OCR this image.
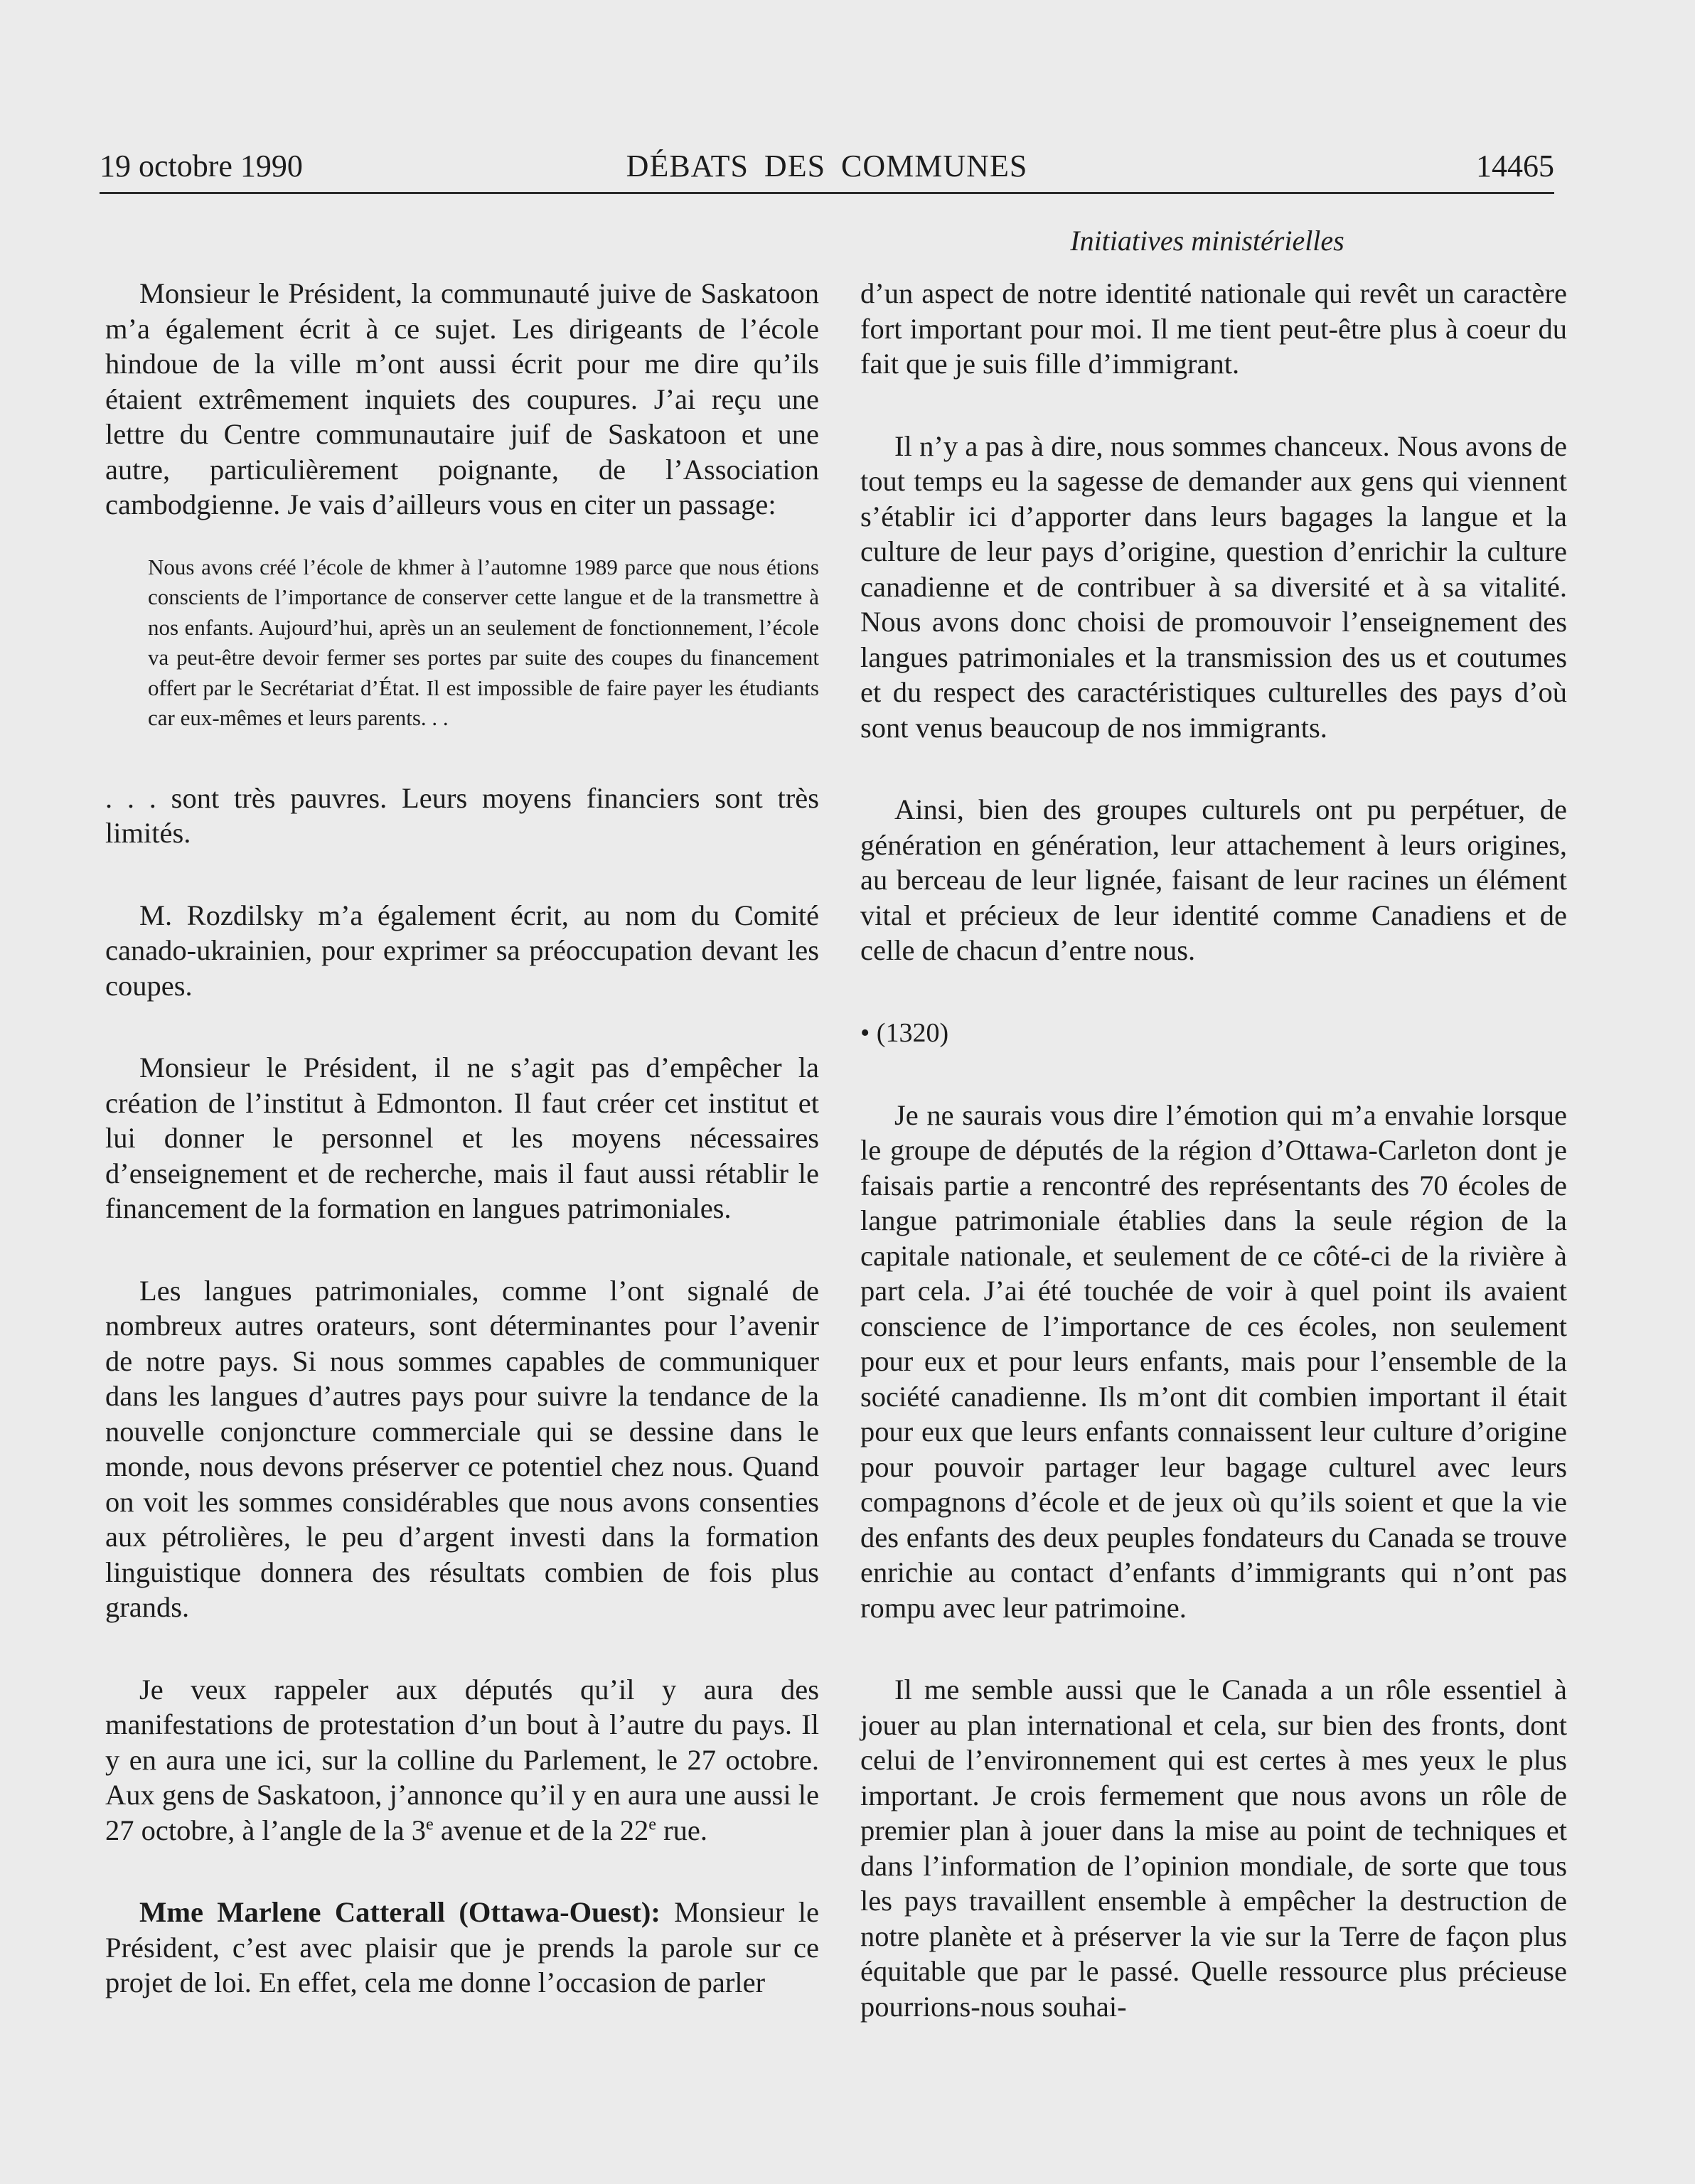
19 octobre 1990	DÉBATS DES COMMUNES	14465
Initiatives ministérielles

Monsieur le Président, la communauté juive de Saskatoon m’a également écrit à ce sujet. Les dirigeants de l’école hindoue de la ville m’ont aussi écrit pour me dire qu’ils étaient extrêmement inquiets des coupures. J’ai reçu une lettre du Centre communautaire juif de Saskatoon et une autre, particulièrement poignante, de l’Association cambodgienne. Je vais d’ailleurs vous en citer un passage:

Nous avons créé l’école de khmer à l’automne 1989 parce que nous étions conscients de l’importance de conserver cette langue et de la transmettre à nos enfants. Aujourd’hui, après un an seulement de fonctionnement, l’école va peut-être devoir fermer ses portes par suite des coupes du financement offert par le Secrétariat d’État. Il est impossible de faire payer les étudiants car eux-mêmes et leurs parents. . .

. . . sont très pauvres. Leurs moyens financiers sont très limités.

M. Rozdilsky m’a également écrit, au nom du Comité canado-ukrainien, pour exprimer sa préoccupation devant les coupes.

Monsieur le Président, il ne s’agit pas d’empêcher la création de l’institut à Edmonton. Il faut créer cet institut et lui donner le personnel et les moyens nécessaires d’enseignement et de recherche, mais il faut aussi rétablir le financement de la formation en langues patrimoniales.

Les langues patrimoniales, comme l’ont signalé de nombreux autres orateurs, sont déterminantes pour l’avenir de notre pays. Si nous sommes capables de communiquer dans les langues d’autres pays pour suivre la tendance de la nouvelle conjoncture commerciale qui se dessine dans le monde, nous devons préserver ce potentiel chez nous. Quand on voit les sommes considérables que nous avons consenties aux pétrolières, le peu d’argent investi dans la formation linguistique donnera des résultats combien de fois plus grands.

Je veux rappeler aux députés qu’il y aura des manifestations de protestation d’un bout à l’autre du pays. Il y en aura une ici, sur la colline du Parlement, le 27 octobre. Aux gens de Saskatoon, j’annonce qu’il y en aura une aussi le 27 octobre, à l’angle de la 3e avenue et de la 22e rue.

Mme Marlene Catterall (Ottawa-Ouest): Monsieur le Président, c’est avec plaisir que je prends la parole sur ce projet de loi. En effet, cela me donne l’occasion de parler

d’un aspect de notre identité nationale qui revêt un caractère fort important pour moi. Il me tient peut-être plus à coeur du fait que je suis fille d’immigrant.

Il n’y a pas à dire, nous sommes chanceux. Nous avons de tout temps eu la sagesse de demander aux gens qui viennent s’établir ici d’apporter dans leurs bagages la langue et la culture de leur pays d’origine, question d’enrichir la culture canadienne et de contribuer à sa diversité et à sa vitalité. Nous avons donc choisi de promouvoir l’enseignement des langues patrimoniales et la transmission des us et coutumes et du respect des caractéristiques culturelles des pays d’où sont venus beaucoup de nos immigrants.

Ainsi, bien des groupes culturels ont pu perpétuer, de génération en génération, leur attachement à leurs origines, au berceau de leur lignée, faisant de leur racines un élément vital et précieux de leur identité comme Canadiens et de celle de chacun d’entre nous.

• (1320)

Je ne saurais vous dire l’émotion qui m’a envahie lorsque le groupe de députés de la région d’Ottawa-Carleton dont je faisais partie a rencontré des représentants des 70 écoles de langue patrimoniale établies dans la seule région de la capitale nationale, et seulement de ce côté-ci de la rivière à part cela. J’ai été touchée de voir à quel point ils avaient conscience de l’importance de ces écoles, non seulement pour eux et pour leurs enfants, mais pour l’ensemble de la société canadienne. Ils m’ont dit combien important il était pour eux que leurs enfants connaissent leur culture d’origine pour pouvoir partager leur bagage culturel avec leurs compagnons d’école et de jeux où qu’ils soient et que la vie des enfants des deux peuples fondateurs du Canada se trouve enrichie au contact d’enfants d’immigrants qui n’ont pas rompu avec leur patrimoine.

Il me semble aussi que le Canada a un rôle essentiel à jouer au plan international et cela, sur bien des fronts, dont celui de l’environnement qui est certes à mes yeux le plus important. Je crois fermement que nous avons un rôle de premier plan à jouer dans la mise au point de techniques et dans l’information de l’opinion mondiale, de sorte que tous les pays travaillent ensemble à empêcher la destruction de notre planète et à préserver la vie sur la Terre de façon plus équitable que par le passé. Quelle ressource plus précieuse pourrions-nous souhai-
